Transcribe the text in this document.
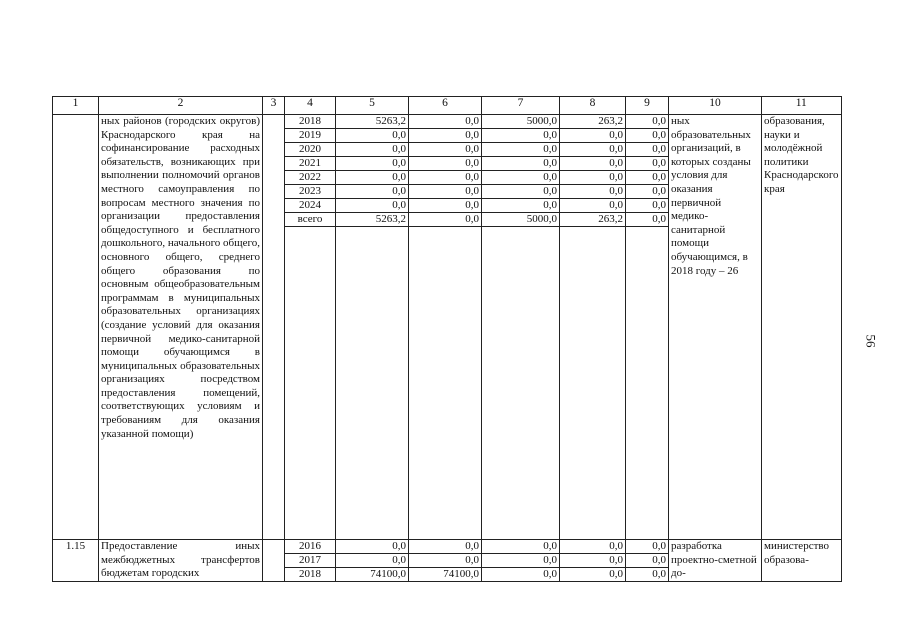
1	2	3	4	5	6	7	8	9	10	11
	ных районов (городских округов) Краснодарского края на софинансирование расходных обязательств, возникающих при выполнении полномочий органов местного самоуправления по вопросам местного значения по организации предоставления общедоступного и бесплатного дошкольного, начального общего, основного общего, среднего общего образования по основным общеобразовательным программам в муниципальных образовательных организациях (создание условий для оказания первичной медико-санитарной помощи обучающимся в муниципальных образовательных организациях посредством предоставления помещений, соответствующих условиям и требованиям для оказания указанной помощи)		2018	5263,2	0,0	5000,0	263,2	0,0	ных образовательных организаций, в которых созданы условия для оказания первичной медико-санитарной помощи обучающимся, в 2018 году – 26	образования, науки и молодёжной политики Краснодарского края
			2019	0,0	0,0	0,0	0,0	0,0		
			2020	0,0	0,0	0,0	0,0	0,0		
			2021	0,0	0,0	0,0	0,0	0,0		
			2022	0,0	0,0	0,0	0,0	0,0		
			2023	0,0	0,0	0,0	0,0	0,0		
			2024	0,0	0,0	0,0	0,0	0,0		
			всего	5263,2	0,0	5000,0	263,2	0,0		

1.15	Предоставление иных межбюджетных трансфертов бюджетам городских		2016	0,0	0,0	0,0	0,0	0,0	разработка проектно-сметной до-	министерство образова-
			2017	0,0	0,0	0,0	0,0	0,0		
			2018	74100,0	74100,0	0,0	0,0	0,0		
56
